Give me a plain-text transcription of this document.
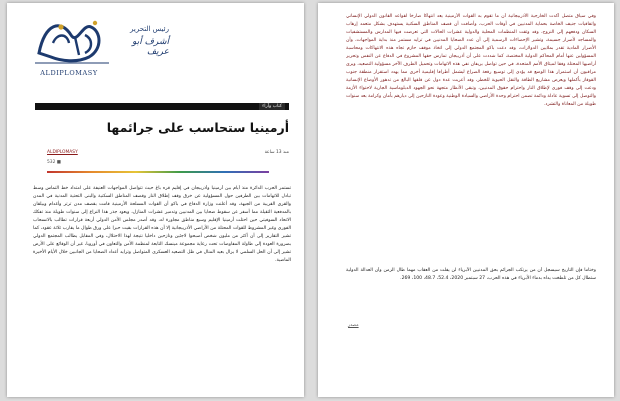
ALDIPLOMASY
رئيس التحرير
أشرف أبو عريف
كتاب وآراء
أرمينيا ستحاسب على جرائمها
ALDIPLOMASY	منذ 13 ساعة
532 ■

تستمر الحرب الدائرة منذ أيام بين أرمينيا وأذربيجان في إقليم قره باغ حيث تتواصل المواجهات العنيفة على امتداد خط التماس وسط تبادل للاتهامات بين الطرفين حول المسؤولية عن خرق وقف إطلاق النار وقصف المناطق السكنية والبنى التحتية المدنية في المدن والقرى القريبة من الجبهة، وقد أعلنت وزارة الدفاع في باكو أن القوات المسلحة الأرمينية قامت بقصف مدن ترتر وأغدام وبيلقان بالمدفعية الثقيلة مما أسفر عن سقوط ضحايا بين المدنيين وتدمير عشرات المنازل، ويعود جذر هذا النزاع إلى سنوات طويلة منذ تفكك الاتحاد السوفيتي حين احتلت أرمينيا الإقليم وسبع مناطق مجاورة له، وقد أصدر مجلس الأمن الدولي أربعة قرارات تطالب بالانسحاب الفوري وغير المشروط للقوات المحتلة من الأراضي الأذربيجانية إلا أن هذه القرارات بقيت حبرا على ورق طوال ما يقارب ثلاثة عقود، كما تشير التقارير إلى أن أكثر من مليون شخص أصبحوا لاجئين ونازحين داخليا نتيجة لهذا الاحتلال، وفي المقابل يطالب المجتمع الدولي بضرورة العودة إلى طاولة المفاوضات تحت رعاية مجموعة مينسك التابعة لمنظمة الأمن والتعاون في أوروبا، غير أن الوقائع على الأرض تشير إلى أن الحل السلمي لا يزال بعيد المنال في ظل التصعيد العسكري المتواصل وتزايد أعداد الضحايا من الجانبين خلال الأيام الأخيرة الماضية.

وفي سياق متصل أكدت الخارجية الأذربيجانية أن ما تقوم به القوات الأرمينية يعد انتهاكا صارخا لقواعد القانون الدولي الإنساني واتفاقيات جنيف الخاصة بحماية المدنيين في أوقات الحرب، وأضافت أن قصف المناطق السكنية يستهدف بشكل متعمد إرهاب السكان ودفعهم إلى النزوح، وقد وثقت المنظمات المحلية والدولية عشرات الحالات التي تعرضت فيها المدارس والمستشفيات والمساجد لأضرار جسيمة، وتشير الإحصاءات الرسمية إلى أن عدد الضحايا المدنيين في تزايد مستمر منذ بداية المواجهات، وأن الأضرار المادية تقدر بملايين الدولارات، وقد دعت باكو المجتمع الدولي إلى اتخاذ موقف حازم تجاه هذه الانتهاكات ومحاسبة المسؤولين عنها أمام المحاكم الدولية المختصة، كما شددت على أن أذربيجان تمارس حقها المشروع في الدفاع عن النفس وتحرير أراضيها المحتلة وفقا لميثاق الأمم المتحدة، في حين تواصل يريفان نفي هذه الاتهامات وتحميل الطرف الآخر مسؤولية التصعيد، ويرى مراقبون أن استمرار هذا الوضع قد يؤدي إلى توسيع رقعة الصراع ليشمل أطرافا إقليمية أخرى مما يهدد استقرار منطقة جنوب القوقاز بأكملها ويعرض مشاريع الطاقة والنقل الحيوية للخطر، وقد أعربت عدة دول عن قلقها البالغ من تدهور الأوضاع الإنسانية ودعت إلى وقف فوري لإطلاق النار واحترام حقوق المدنيين، وتبقى الأنظار متجهة نحو الجهود الدبلوماسية الجارية لاحتواء الأزمة والتوصل إلى تسوية عادلة ودائمة تضمن احترام وحدة الأراضي والسيادة الوطنية وعودة النازحين إلى ديارهم بأمان وكرامة بعد سنوات طويلة من المعاناة والتشرد.

وختاما فإن التاريخ سيسجل أن من يرتكب الجرائم بحق المدنيين الأبرياء لن يفلت من العقاب مهما طال الزمن وأن العدالة الدولية ستطال كل من تلطخت يداه بدماء الأبرياء في هذه الحرب، 27 سبتمبر 2020، 52.4، 48.7، 100، 269.

مصدر
